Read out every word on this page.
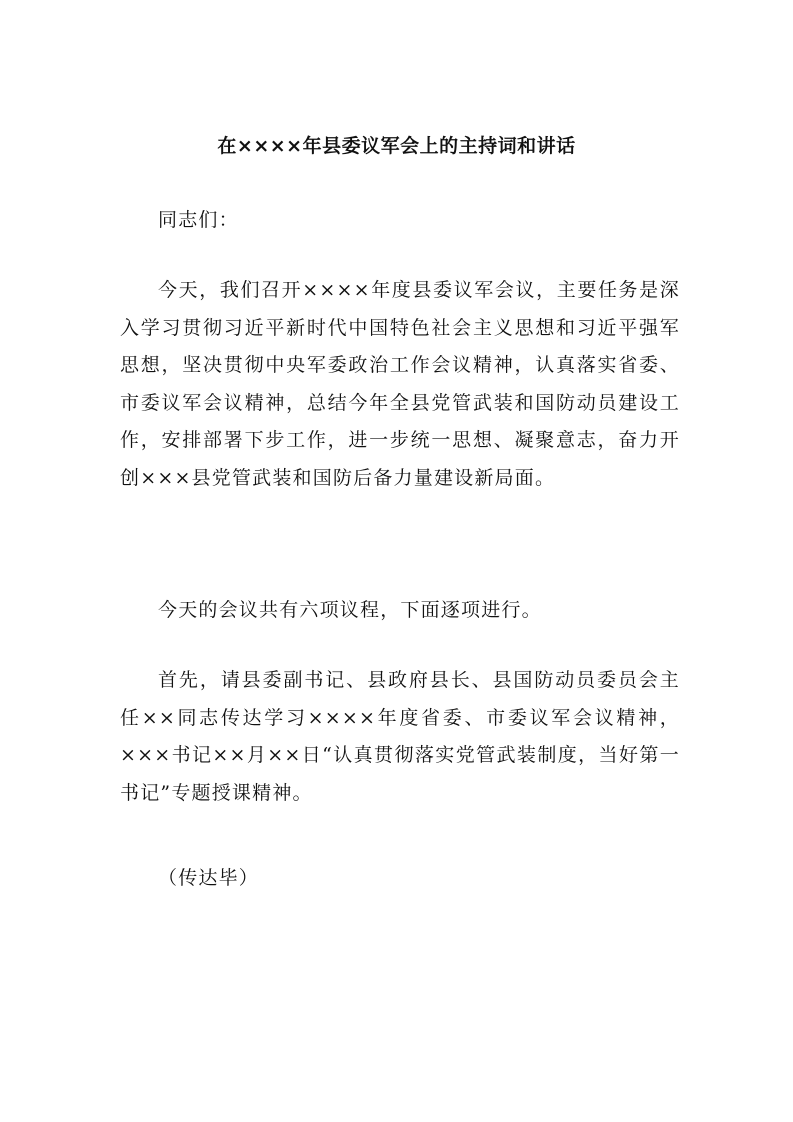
在××××年县委议军会上的主持词和讲话

同志们：

今天，我们召开××××年度县委议军会议，主要任务是深入学习贯彻习近平新时代中国特色社会主义思想和习近平强军思想，坚决贯彻中央军委政治工作会议精神，认真落实省委、市委议军会议精神，总结今年全县党管武装和国防动员建设工作，安排部署下步工作，进一步统一思想、凝聚意志，奋力开创×××县党管武装和国防后备力量建设新局面。

今天的会议共有六项议程，下面逐项进行。

首先，请县委副书记、县政府县长、县国防动员委员会主任××同志传达学习××××年度省委、市委议军会议精神，×××书记××月××日“认真贯彻落实党管武装制度，当好第一书记”专题授课精神。

（传达毕）
